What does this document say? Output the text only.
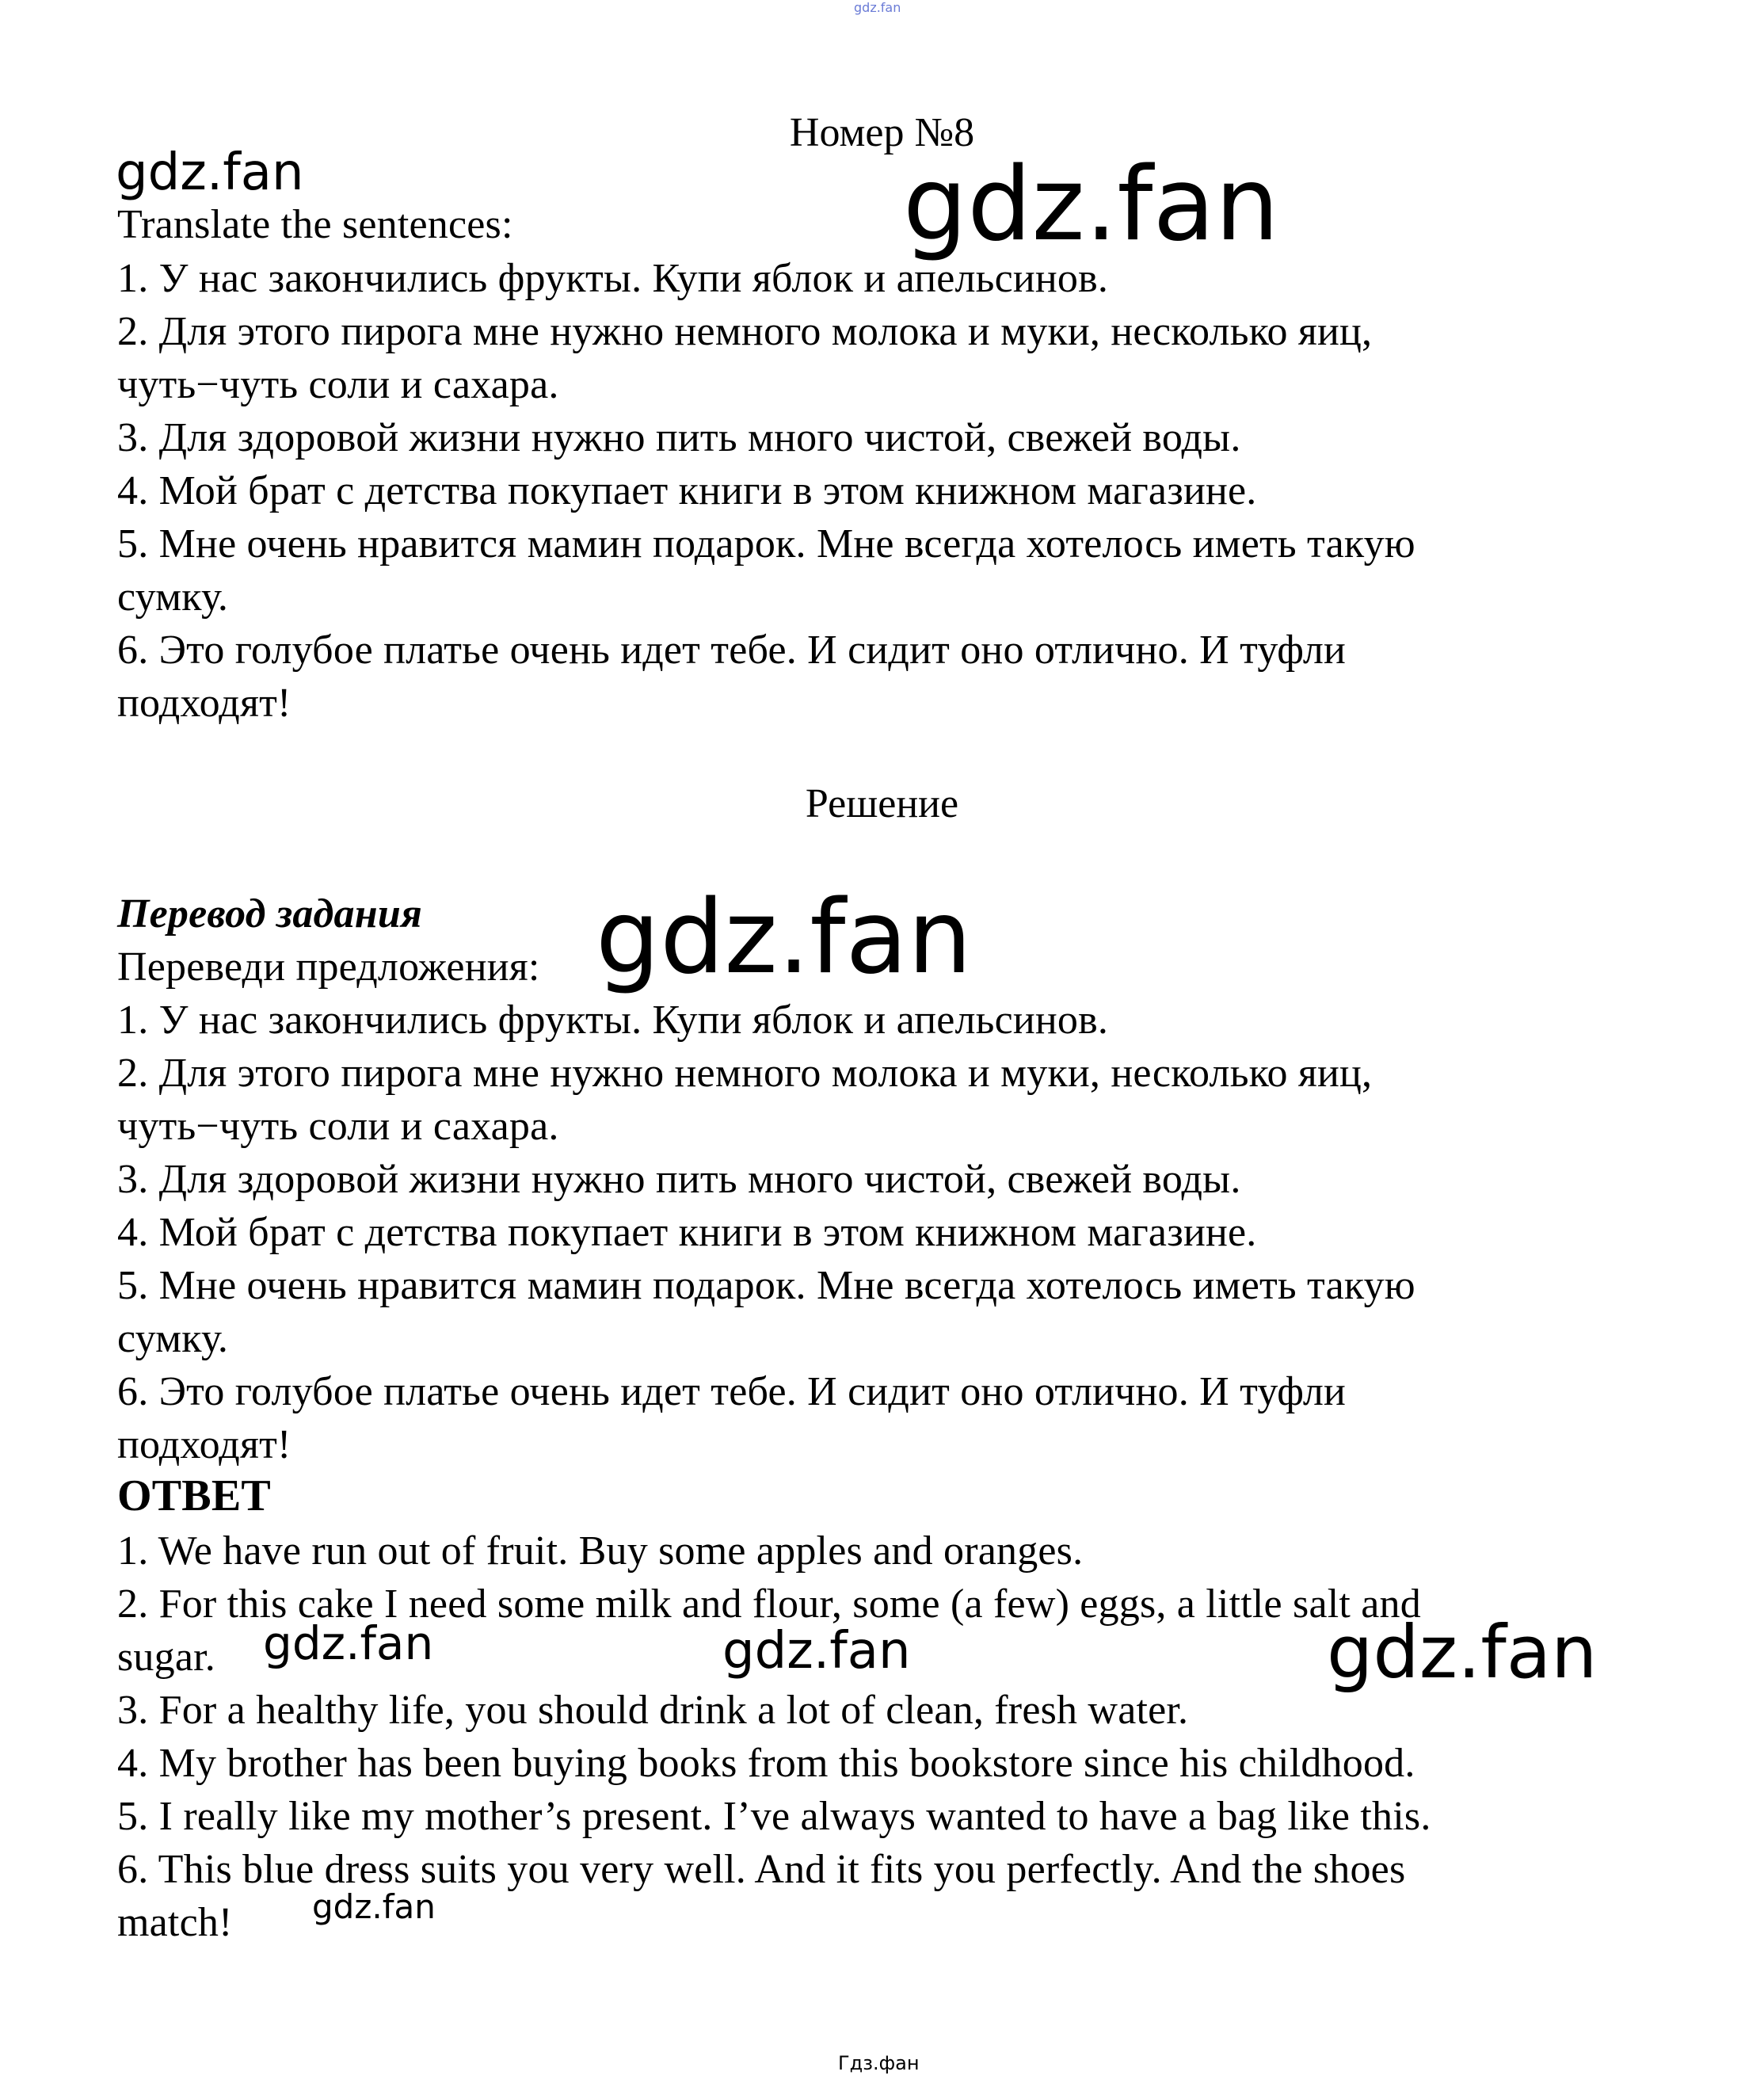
gdz.fan
Номер №8
gdz.fan	gdz.fan
Translate the sentences:
1. У нас закончились фрукты. Купи яблок и апельсинов.
2. Для этого пирога мне нужно немного молока и муки, несколько яиц,
чуть−чуть соли и сахара.
3. Для здоровой жизни нужно пить много чистой, свежей воды.
4. Мой брат с детства покупает книги в этом книжном магазине.
5. Мне очень нравится мамин подарок. Мне всегда хотелось иметь такую
сумку.
6. Это голубое платье очень идет тебе. И сидит оно отлично. И туфли
подходят!
Решение
Перевод задания gdz.fan
Переведи предложения:
1. У нас закончились фрукты. Купи яблок и апельсинов.
2. Для этого пирога мне нужно немного молока и муки, несколько яиц,
чуть−чуть соли и сахара.
3. Для здоровой жизни нужно пить много чистой, свежей воды.
4. Мой брат с детства покупает книги в этом книжном магазине.
5. Мне очень нравится мамин подарок. Мне всегда хотелось иметь такую
сумку.
6. Это голубое платье очень идет тебе. И сидит оно отлично. И туфли
подходят!
ОТВЕТ
1. We have run out of fruit. Buy some apples and oranges.
2. For this cake I need some milk and flour, some (a few) eggs, a little salt and
sugar.
3. For a healthy life, you should drink a lot of clean, fresh water.
4. My brother has been buying books from this bookstore since his childhood.
5. I really like my mother’s present. I’ve always wanted to have a bag like this.
6. This blue dress suits you very well. And it fits you perfectly. And the shoes
match!
gdz.fan	gdz.fan	gdz.fan
gdz.fan
Гдз.фан
